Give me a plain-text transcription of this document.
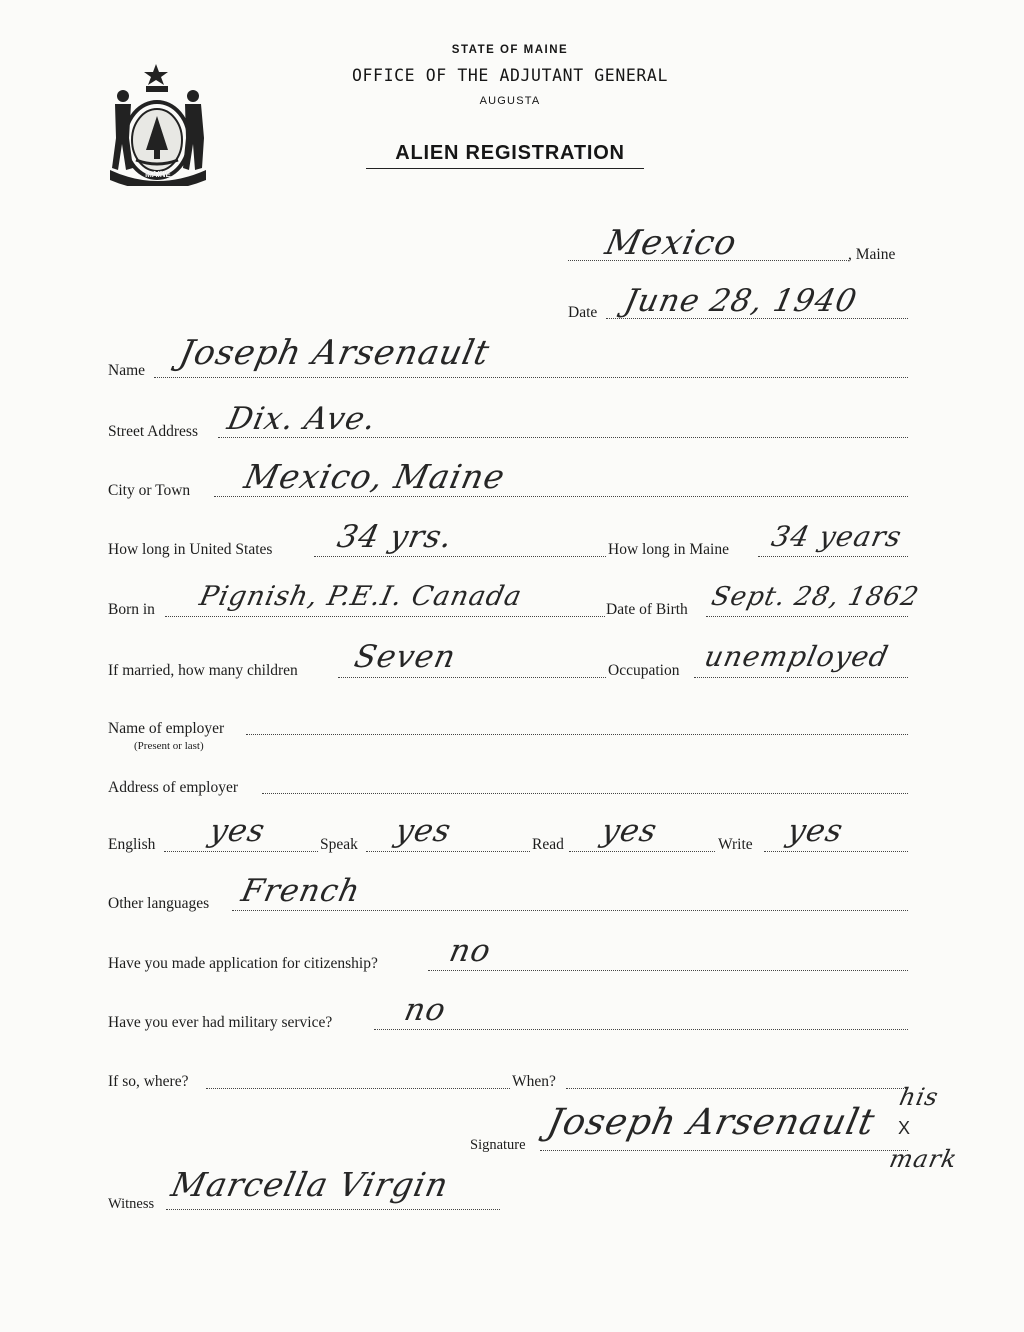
MAINE
STATE OF MAINE
OFFICE OF THE ADJUTANT GENERAL
AUGUSTA
ALIEN REGISTRATION
Mexico	, Maine
Date June 28, 1940
Name Joseph Arsenault
Street Address Dix. Ave.
City or Town Mexico, Maine
How long in United States 34 yrs.	How long in Maine 34 years
Born in Pignish, P.E.I. Canada	Date of Birth Sept. 28, 1862
If married, how many children Seven	Occupation unemployed
Name of employer
(Present or last)
Address of employer
English yes	Speak yes	Read yes	Write yes
Other languages French
Have you made application for citizenship? no
Have you ever had military service? no
If so, where?	When?
Signature
Joseph Arsenault
his
X
mark
Witness Marcella Virgin
